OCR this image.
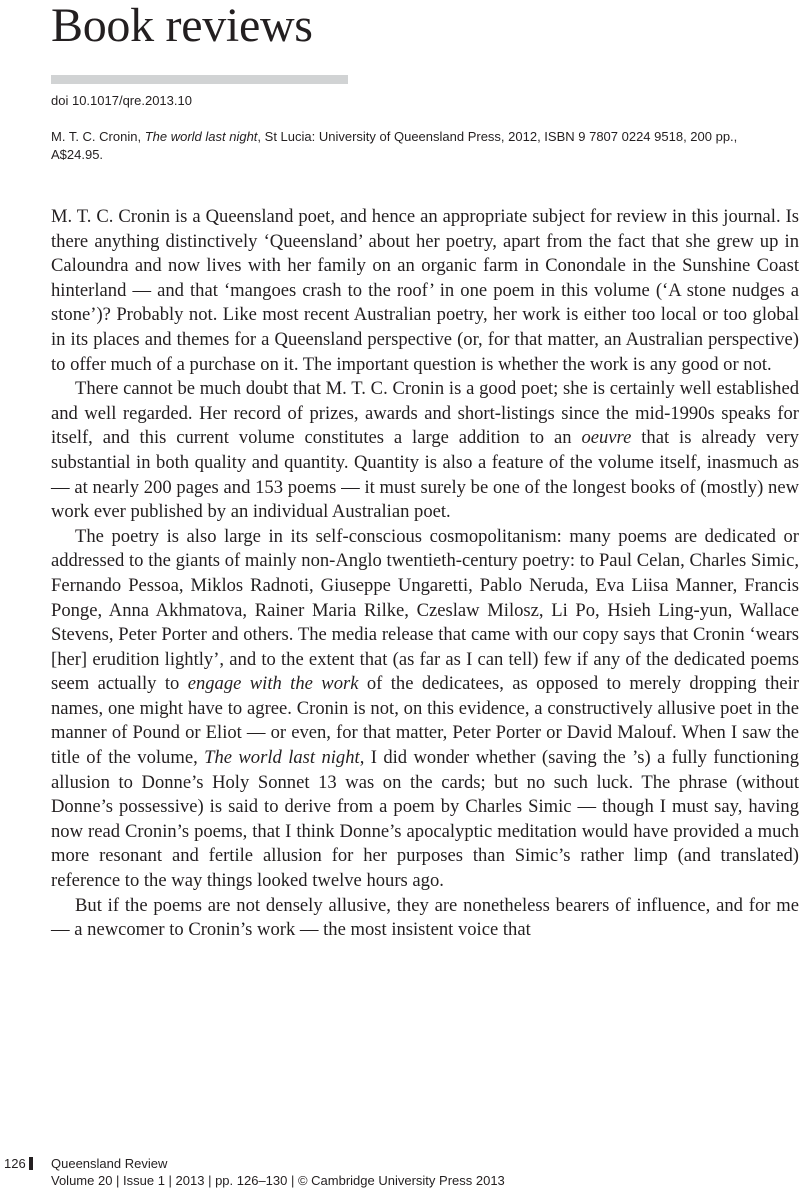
Book reviews
doi 10.1017/qre.2013.10

M. T. C. Cronin, The world last night, St Lucia: University of Queensland Press, 2012, ISBN 9 7807 0224 9518, 200 pp., A$24.95.

M. T. C. Cronin is a Queensland poet, and hence an appropriate subject for review in this journal. Is there anything distinctively ‘Queensland’ about her poetry, apart from the fact that she grew up in Caloundra and now lives with her family on an organic farm in Conondale in the Sunshine Coast hinterland — and that ‘mangoes crash to the roof’ in one poem in this volume (‘A stone nudges a stone’)? Probably not. Like most recent Australian poetry, her work is either too local or too global in its places and themes for a Queensland perspective (or, for that matter, an Australian perspective) to offer much of a purchase on it. The important question is whether the work is any good or not.

There cannot be much doubt that M. T. C. Cronin is a good poet; she is certainly well established and well regarded. Her record of prizes, awards and short-listings since the mid-1990s speaks for itself, and this current volume constitutes a large addition to an oeuvre that is already very substantial in both quality and quantity. Quantity is also a feature of the volume itself, inasmuch as — at nearly 200 pages and 153 poems — it must surely be one of the longest books of (mostly) new work ever published by an individual Australian poet.

The poetry is also large in its self-conscious cosmopolitanism: many poems are dedicated or addressed to the giants of mainly non-Anglo twentieth-century poetry: to Paul Celan, Charles Simic, Fernando Pessoa, Miklos Radnoti, Giuseppe Ungaretti, Pablo Neruda, Eva Liisa Manner, Francis Ponge, Anna Akhmatova, Rainer Maria Rilke, Czeslaw Milosz, Li Po, Hsieh Ling-yun, Wallace Stevens, Peter Porter and others. The media release that came with our copy says that Cronin ‘wears [her] erudition lightly’, and to the extent that (as far as I can tell) few if any of the dedicated poems seem actually to engage with the work of the dedicatees, as opposed to merely dropping their names, one might have to agree. Cronin is not, on this evidence, a constructively allusive poet in the manner of Pound or Eliot — or even, for that matter, Peter Porter or David Malouf. When I saw the title of the volume, The world last night, I did wonder whether (saving the ’s) a fully functioning allusion to Donne’s Holy Sonnet 13 was on the cards; but no such luck. The phrase (without Donne’s possessive) is said to derive from a poem by Charles Simic — though I must say, having now read Cronin’s poems, that I think Donne’s apocalyptic meditation would have provided a much more resonant and fertile allusion for her purposes than Simic’s rather limp (and translated) reference to the way things looked twelve hours ago.

But if the poems are not densely allusive, they are nonetheless bearers of influence, and for me — a newcomer to Cronin’s work — the most insistent voice that

126 Queensland Review
Volume 20 | Issue 1 | 2013 | pp. 126–130 | © Cambridge University Press 2013
